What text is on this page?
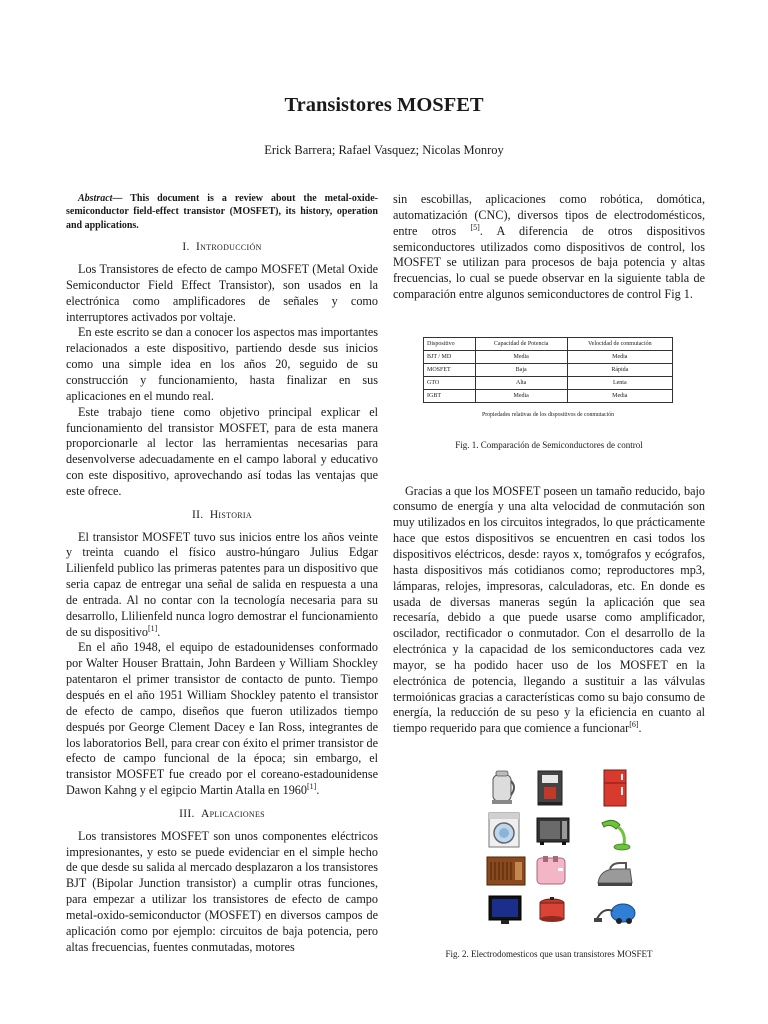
Transistores MOSFET
Erick Barrera; Rafael Vasquez; Nicolas Monroy
Abstract— This document is a review about the metal-oxide-semiconductor field-effect transistor (MOSFET), its history, operation and applications.
I. Introducción

Los Transistores de efecto de campo MOSFET (Metal Oxide Semiconductor Field Effect Transistor), son usados en la electrónica como amplificadores de señales y como interruptores activados por voltaje.

En este escrito se dan a conocer los aspectos mas importantes relacionados a este dispositivo, partiendo desde sus inicios como una simple idea en los años 20, seguido de su construcción y funcionamiento, hasta finalizar en sus aplicaciones en el mundo real.

Este trabajo tiene como objetivo principal explicar el funcionamiento del transistor MOSFET, para de esta manera proporcionarle al lector las herramientas necesarias para desenvolverse adecuadamente en el campo laboral y educativo con este dispositivo, aprovechando así todas las ventajas que este ofrece.

II. Historia

El transistor MOSFET tuvo sus inicios entre los años veinte y treinta cuando el físico austro-húngaro Julius Edgar Lilienfeld publico las primeras patentes para un dispositivo que seria capaz de entregar una señal de salida en respuesta a una de entrada. Al no contar con la tecnología necesaria para su desarrollo, Llilienfeld nunca logro demostrar el funcionamiento de su dispositivo[1].

En el año 1948, el equipo de estadounidenses conformado por Walter Houser Brattain, John Bardeen y William Shockley patentaron el primer transistor de contacto de punto. Tiempo después en el año 1951 William Shockley patento el transistor de efecto de campo, diseños que fueron utilizados tiempo después por George Clement Dacey e Ian Ross, integrantes de los laboratorios Bell, para crear con éxito el primer transistor de efecto de campo funcional de la época; sin embargo, el transistor MOSFET fue creado por el coreano-estadounidense Dawon Kahng y el egipcio Martin Atalla en 1960[1].

III. Aplicaciones

Los transistores MOSFET son unos componentes eléctricos impresionantes, y esto se puede evidenciar en el simple hecho de que desde su salida al mercado desplazaron a los transistores BJT (Bipolar Junction transistor) a cumplir otras funciones, para empezar a utilizar los transistores de efecto de campo metal-oxido-semiconductor (MOSFET) en diversos campos de aplicación como por ejemplo: circuitos de baja potencia, pero altas frecuencias, fuentes conmutadas, motores

sin escobillas, aplicaciones como robótica, domótica, automatización (CNC), diversos tipos de electrodomésticos, entre otros [5]. A diferencia de otros dispositivos semiconductores utilizados como dispositivos de control, los MOSFET se utilizan para procesos de baja potencia y altas frecuencias, lo cual se puede observar en la siguiente tabla de comparación entre algunos semiconductores de control Fig 1.

Dispositivo	Capacidad de Potencia	Velocidad de conmutación
BJT / MD	Media	Media
MOSFET	Baja	Rápida
GTO	Alta	Lenta
IGBT	Media	Media
Propiedades relativas de los dispositivos de conmutación
Fig. 1. Comparación de Semiconductores de control

Gracias a que los MOSFET poseen un tamaño reducido, bajo consumo de energía y una alta velocidad de conmutación son muy utilizados en los circuitos integrados, lo que prácticamente hace que estos dispositivos se encuentren en casi todos los dispositivos eléctricos, desde: rayos x, tomógrafos y ecógrafos, hasta dispositivos más cotidianos como; reproductores mp3, lámparas, relojes, impresoras, calculadoras, etc. En donde es usada de diversas maneras según la aplicación que sea recesaría, debido a que puede usarse como amplificador, oscilador, rectificador o conmutador. Con el desarrollo de la electrónica y la capacidad de los semiconductores cada vez mayor, se ha podido hacer uso de los MOSFET en la electrónica de potencia, llegando a sustituir a las válvulas termoiónicas gracias a características como su bajo consumo de energía, la reducción de su peso y la eficiencia en cuanto al tiempo requerido para que comience a funcionar[6].

Fig. 2. Electrodomesticos que usan transistores MOSFET
